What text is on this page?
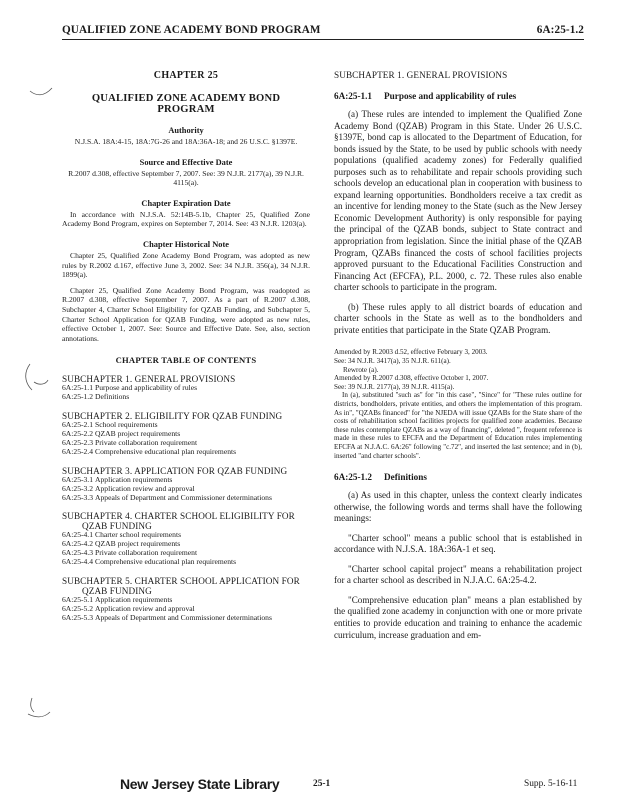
QUALIFIED ZONE ACADEMY BOND PROGRAM	6A:25-1.2
CHAPTER 25
QUALIFIED ZONE ACADEMY BOND PROGRAM
Authority
N.J.S.A. 18A:4-15, 18A:7G-26 and 18A:36A-18; and 26 U.S.C. §1397E.
Source and Effective Date
R.2007 d.308, effective September 7, 2007. See: 39 N.J.R. 2177(a), 39 N.J.R. 4115(a).
Chapter Expiration Date
In accordance with N.J.S.A. 52:14B-5.1b, Chapter 25, Qualified Zone Academy Bond Program, expires on September 7, 2014. See: 43 N.J.R. 1203(a).
Chapter Historical Note
Chapter 25, Qualified Zone Academy Bond Program, was adopted as new rules by R.2002 d.167, effective June 3, 2002. See: 34 N.J.R. 356(a), 34 N.J.R. 1899(a).
Chapter 25, Qualified Zone Academy Bond Program, was readopted as R.2007 d.308, effective September 7, 2007. As a part of R.2007 d.308, Subchapter 4, Charter School Eligibility for QZAB Funding, and Subchapter 5, Charter School Application for QZAB Funding, were adopted as new rules, effective October 1, 2007. See: Source and Effective Date. See, also, section annotations.
CHAPTER TABLE OF CONTENTS
SUBCHAPTER 1. GENERAL PROVISIONS
6A:25-1.1 Purpose and applicability of rules
6A:25-1.2 Definitions
SUBCHAPTER 2. ELIGIBILITY FOR QZAB FUNDING
6A:25-2.1 School requirements
6A:25-2.2 QZAB project requirements
6A:25-2.3 Private collaboration requirement
6A:25-2.4 Comprehensive educational plan requirements
SUBCHAPTER 3. APPLICATION FOR QZAB FUNDING
6A:25-3.1 Application requirements
6A:25-3.2 Application review and approval
6A:25-3.3 Appeals of Department and Commissioner determinations
SUBCHAPTER 4. CHARTER SCHOOL ELIGIBILITY FOR QZAB FUNDING
6A:25-4.1 Charter school requirements
6A:25-4.2 QZAB project requirements
6A:25-4.3 Private collaboration requirement
6A:25-4.4 Comprehensive educational plan requirements
SUBCHAPTER 5. CHARTER SCHOOL APPLICATION FOR QZAB FUNDING
6A:25-5.1 Application requirements
6A:25-5.2 Application review and approval
6A:25-5.3 Appeals of Department and Commissioner determinations
SUBCHAPTER 1. GENERAL PROVISIONS
6A:25-1.1 Purpose and applicability of rules
(a) These rules are intended to implement the Qualified Zone Academy Bond (QZAB) Program in this State. Under 26 U.S.C. §1397E, bond cap is allocated to the Department of Education, for bonds issued by the State, to be used by public schools with needy populations (qualified academy zones) for Federally qualified purposes such as to rehabilitate and repair schools providing such schools develop an educational plan in cooperation with business to expand learning opportunities. Bondholders receive a tax credit as an incentive for lending money to the State (such as the New Jersey Economic Development Authority) is only responsible for paying the principal of the QZAB bonds, subject to State contract and appropriation from legislation. Since the initial phase of the QZAB Program, QZABs financed the costs of school facilities projects approved pursuant to the Educational Facilities Construction and Financing Act (EFCFA), P.L. 2000, c. 72. These rules also enable charter schools to participate in the program.
(b) These rules apply to all district boards of education and charter schools in the State as well as to the bondholders and private entities that participate in the State QZAB Program.
Amended by R.2003 d.52, effective February 3, 2003.
See: 34 N.J.R. 3417(a), 35 N.J.R. 611(a).
Rewrote (a).
Amended by R.2007 d.308, effective October 1, 2007.
See: 39 N.J.R. 2177(a), 39 N.J.R. 4115(a).
In (a), substituted "such as" for "in this case", "Since" for "These rules outline for districts, bondholders, private entities, and others the implementation of this program. As in", "QZABs financed" for "the NJEDA will issue QZABs for the State share of the costs of rehabilitation school facilities projects for qualified zone academies. Because these rules contemplate QZABs as a way of financing", deleted ", frequent reference is made in these rules to EFCFA and the Department of Education rules implementing EFCFA at N.J.A.C. 6A:26" following "c.72", and inserted the last sentence; and in (b), inserted "and charter schools".
6A:25-1.2 Definitions
(a) As used in this chapter, unless the context clearly indicates otherwise, the following words and terms shall have the following meanings:
"Charter school" means a public school that is established in accordance with N.J.S.A. 18A:36A-1 et seq.
"Charter school capital project" means a rehabilitation project for a charter school as described in N.J.A.C. 6A:25-4.2.
"Comprehensive education plan" means a plan established by the qualified zone academy in conjunction with one or more private entities to provide education and training to enhance the academic curriculum, increase graduation and em-
New Jersey State Library	25-1	Supp. 5-16-11
